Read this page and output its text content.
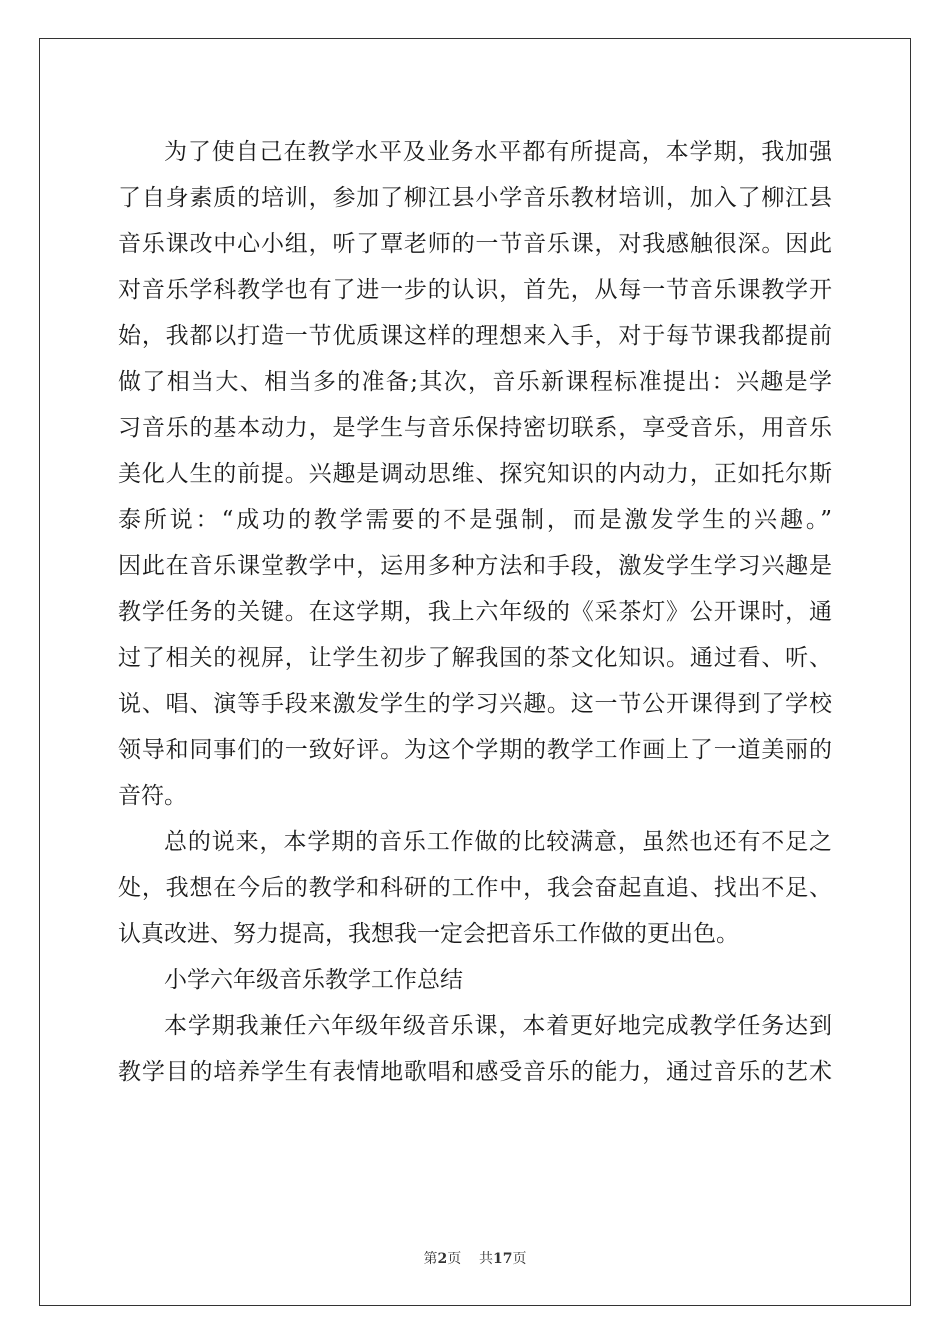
为了使自己在教学水平及业务水平都有所提高，本学期，我加强
了自身素质的培训，参加了柳江县小学音乐教材培训，加入了柳江县
音乐课改中心小组，听了覃老师的一节音乐课，对我感触很深。因此
对音乐学科教学也有了进一步的认识，首先，从每一节音乐课教学开
始，我都以打造一节优质课这样的理想来入手，对于每节课我都提前
做了相当大、相当多的准备;其次，音乐新课程标准提出：兴趣是学
习音乐的基本动力，是学生与音乐保持密切联系，享受音乐，用音乐
美化人生的前提。兴趣是调动思维、探究知识的内动力，正如托尔斯
泰所说：“成功的教学需要的不是强制，而是激发学生的兴趣。”
因此在音乐课堂教学中，运用多种方法和手段，激发学生学习兴趣是
教学任务的关键。在这学期，我上六年级的《采茶灯》公开课时，通
过了相关的视屏，让学生初步了解我国的茶文化知识。通过看、听、
说、唱、演等手段来激发学生的学习兴趣。这一节公开课得到了学校
领导和同事们的一致好评。为这个学期的教学工作画上了一道美丽的
音符。
总的说来，本学期的音乐工作做的比较满意，虽然也还有不足之
处，我想在今后的教学和科研的工作中，我会奋起直追、找出不足、
认真改进、努力提高，我想我一定会把音乐工作做的更出色。
小学六年级音乐教学工作总结
本学期我兼任六年级年级音乐课，本着更好地完成教学任务达到
教学目的培养学生有表情地歌唱和感受音乐的能力，通过音乐的艺术
第2页 共17页
